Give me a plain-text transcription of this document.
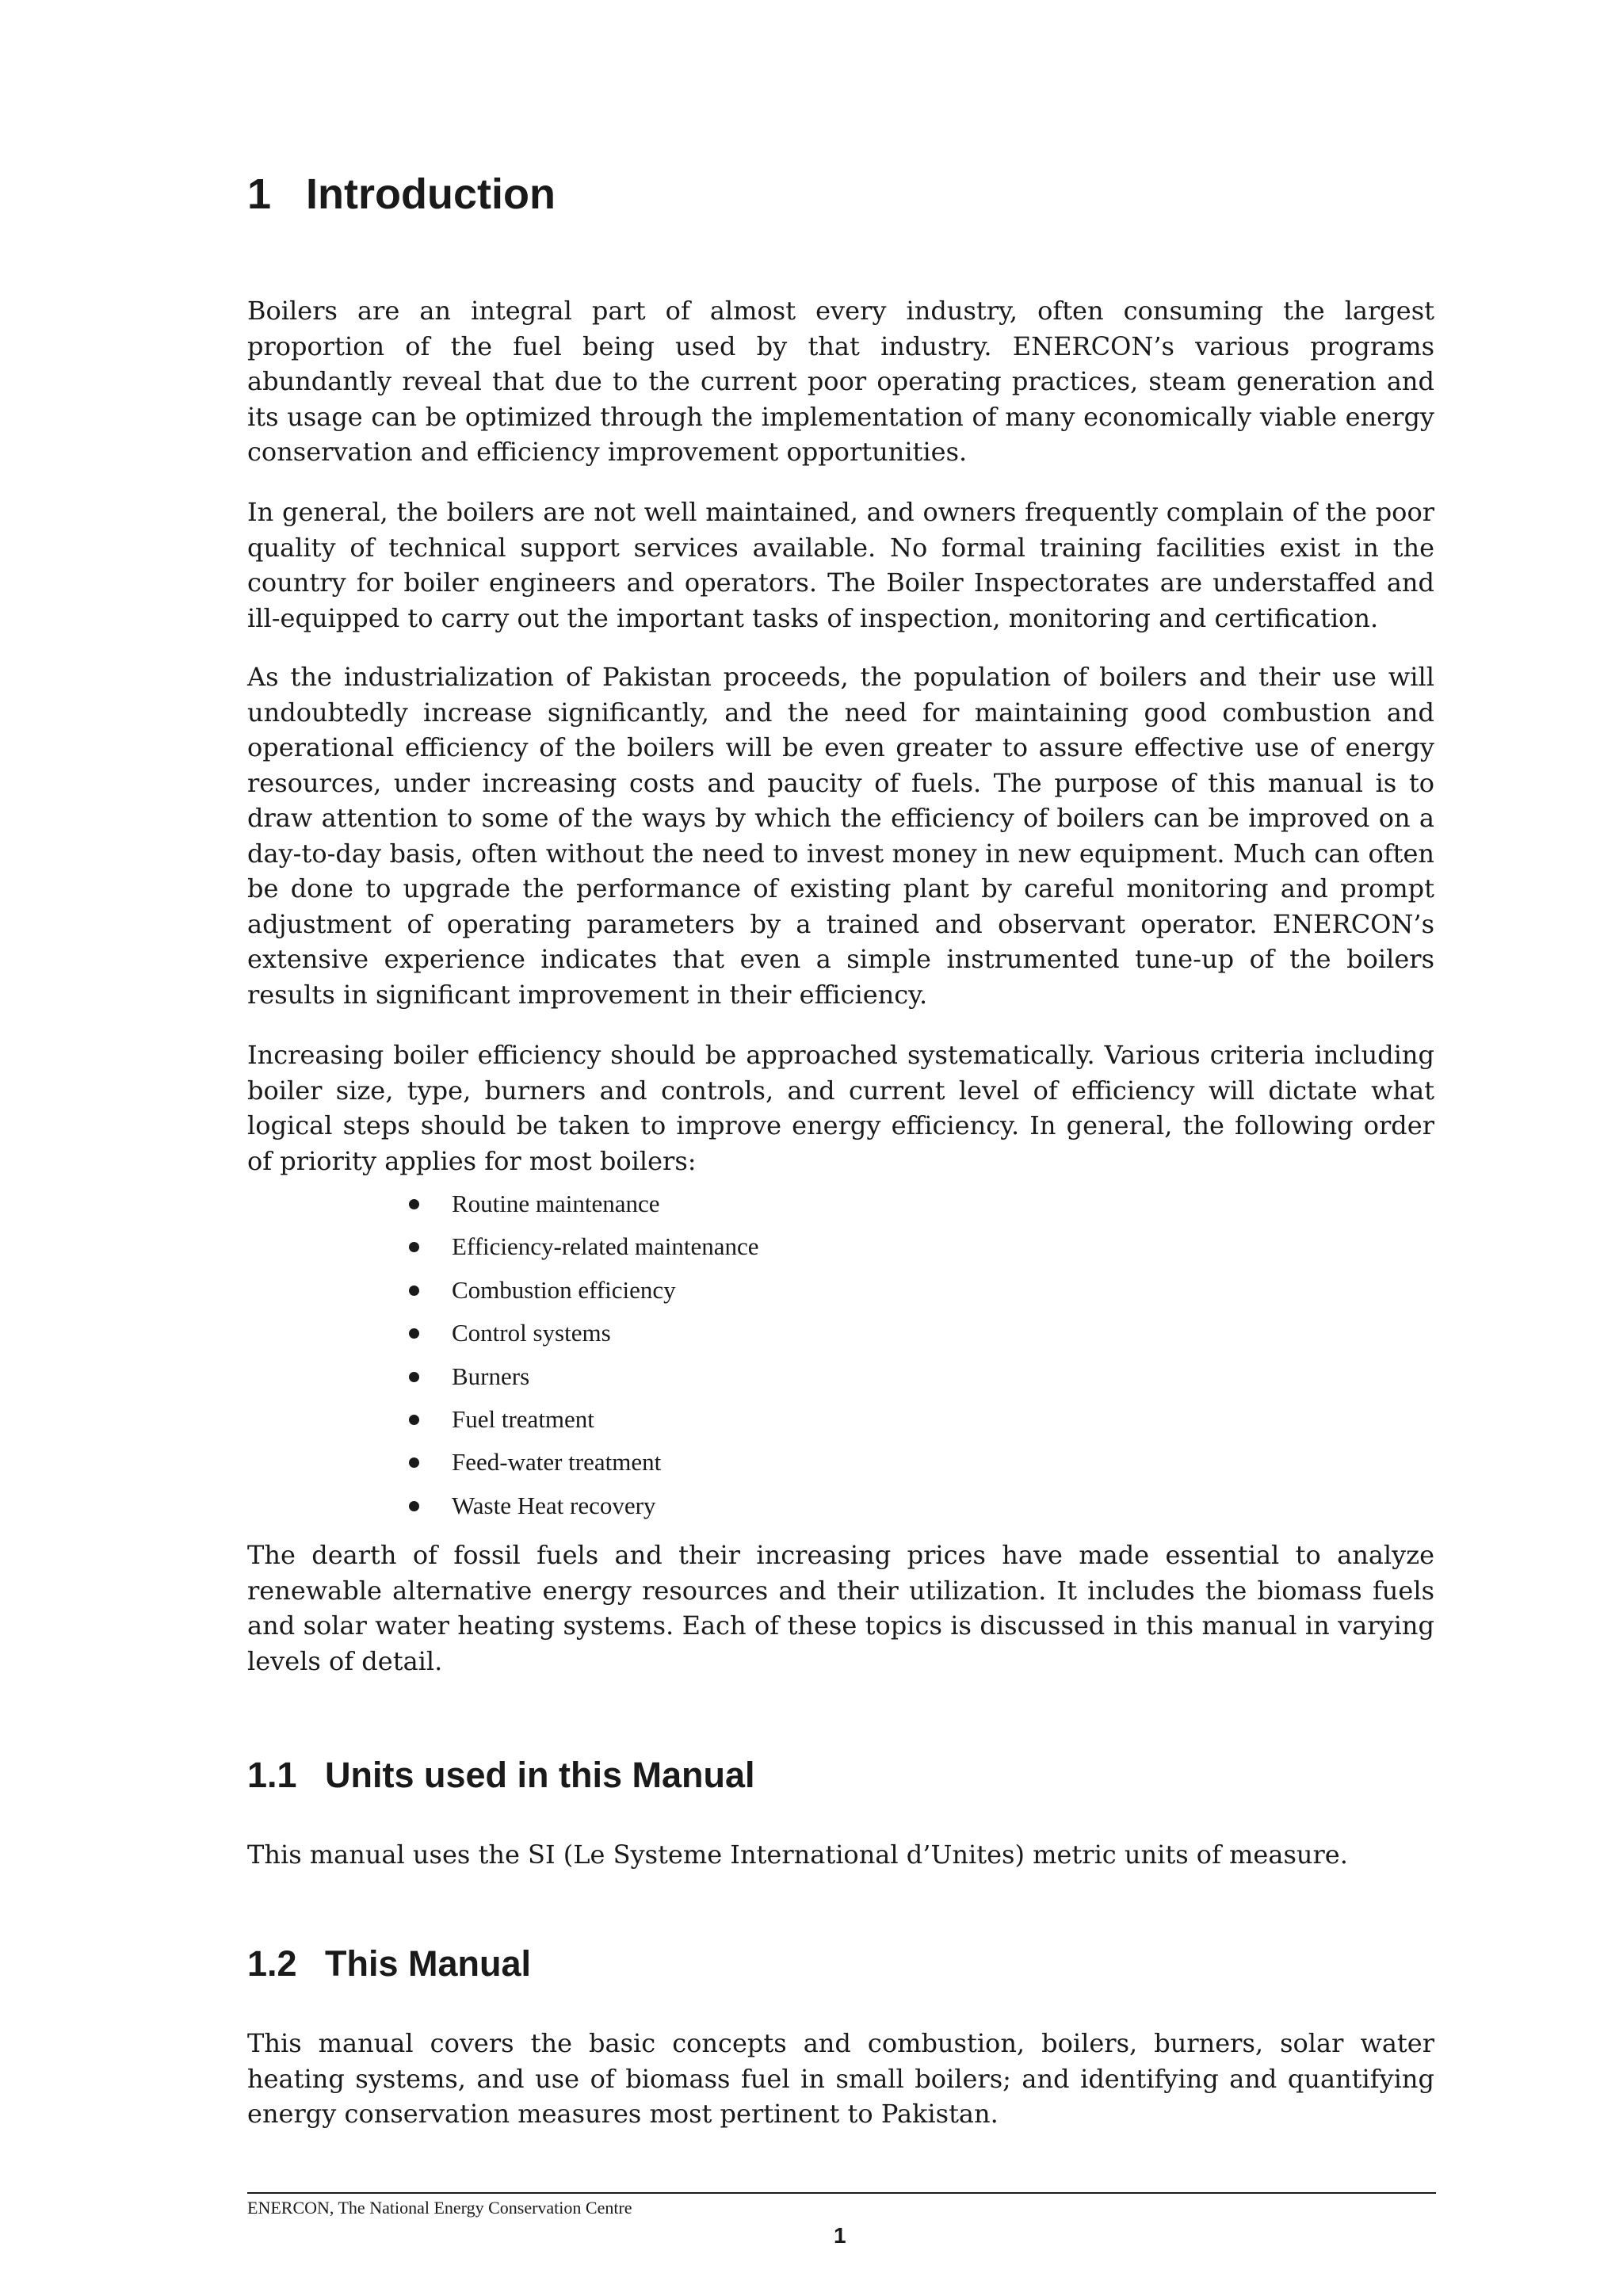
1 Introduction

Boilers are an integral part of almost every industry, often consuming the largest proportion of the fuel being used by that industry. ENERCON’s various programs abundantly reveal that due to the current poor operating practices, steam generation and its usage can be optimized through the implementation of many economically viable energy conservation and efficiency improvement opportunities.

In general, the boilers are not well maintained, and owners frequently complain of the poor quality of technical support services available. No formal training facilities exist in the country for boiler engineers and operators. The Boiler Inspectorates are understaffed and ill-equipped to carry out the important tasks of inspection, monitoring and certification.

As the industrialization of Pakistan proceeds, the population of boilers and their use will undoubtedly increase significantly, and the need for maintaining good combustion and operational efficiency of the boilers will be even greater to assure effective use of energy resources, under increasing costs and paucity of fuels. The purpose of this manual is to draw attention to some of the ways by which the efficiency of boilers can be improved on a day-to-day basis, often without the need to invest money in new equipment. Much can often be done to upgrade the performance of existing plant by careful monitoring and prompt adjustment of operating parameters by a trained and observant operator. ENERCON’s extensive experience indicates that even a simple instrumented tune-up of the boilers results in significant improvement in their efficiency.

Increasing boiler efficiency should be approached systematically. Various criteria including boiler size, type, burners and controls, and current level of efficiency will dictate what logical steps should be taken to improve energy efficiency. In general, the following order of priority applies for most boilers:

Routine maintenance
Efficiency-related maintenance
Combustion efficiency
Control systems
Burners
Fuel treatment
Feed-water treatment
Waste Heat recovery

The dearth of fossil fuels and their increasing prices have made essential to analyze renewable alternative energy resources and their utilization. It includes the biomass fuels and solar water heating systems. Each of these topics is discussed in this manual in varying levels of detail.

1.1 Units used in this Manual

This manual uses the SI (Le Systeme International d’Unites) metric units of measure.

1.2 This Manual

This manual covers the basic concepts and combustion, boilers, burners, solar water heating systems, and use of biomass fuel in small boilers; and identifying and quantifying energy conservation measures most pertinent to Pakistan.

ENERCON, The National Energy Conservation Centre
1
